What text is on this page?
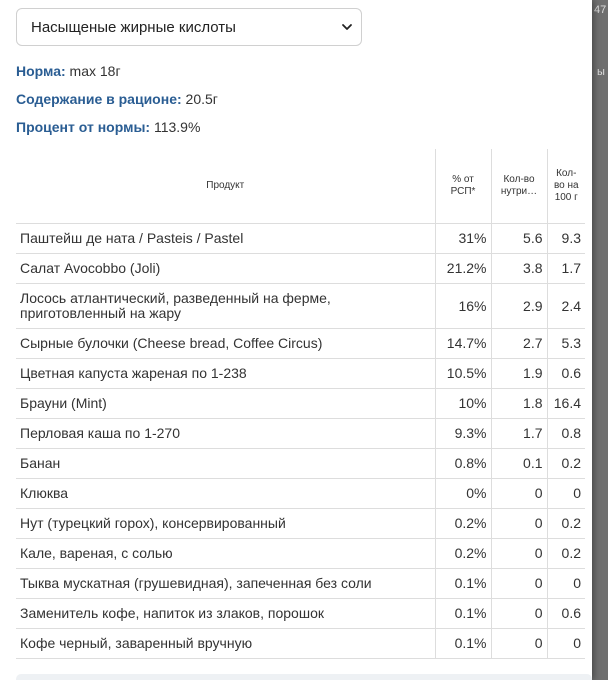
47
ы
Насыщеные жирные кислоты
Норма: max 18г
Содержание в рационе: 20.5г
Процент от нормы: 113.9%
Продукт	% от РСП*	Кол-во нутри…	Кол-во на 100 г
Паштейш де ната / Pasteis / Pastel	31%	5.6	9.3
Салат Avocobbo (Joli)	21.2%	3.8	1.7
Лосось атлантический, разведенный на ферме, приготовленный на жару	16%	2.9	2.4
Сырные булочки (Cheese bread, Coffee Circus)	14.7%	2.7	5.3
Цветная капуста жареная по 1-238	10.5%	1.9	0.6
Брауни (Mint)	10%	1.8	16.4
Перловая каша по 1-270	9.3%	1.7	0.8
Банан	0.8%	0.1	0.2
Клюква	0%	0	0
Нут (турецкий горох), консервированный	0.2%	0	0.2
Кале, вареная, с солью	0.2%	0	0.2
Тыква мускатная (грушевидная), запеченная без соли	0.1%	0	0
Заменитель кофе, напиток из злаков, порошок	0.1%	0	0.6
Кофе черный, заваренный вручную	0.1%	0	0
